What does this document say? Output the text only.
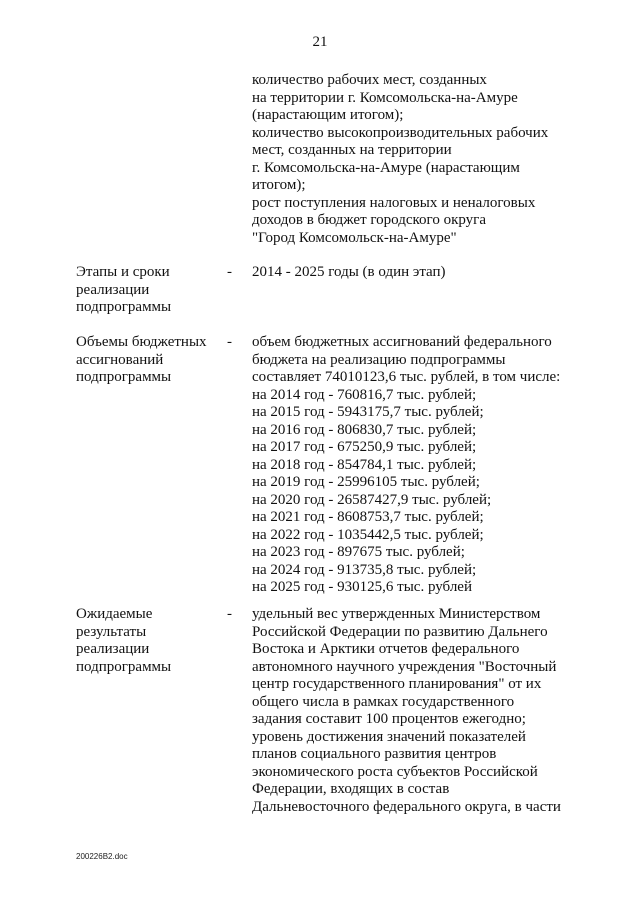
21
количество рабочих мест, созданных
на территории г. Комсомольска-на-Амуре
(нарастающим итогом);
количество высокопроизводительных рабочих
мест, созданных на территории
г. Комсомольска-на-Амуре (нарастающим
итогом);
рост поступления налоговых и неналоговых
доходов в бюджет городского округа
"Город Комсомольск-на-Амуре"
Этапы и сроки
реализации
подпрограммы
- 2014 - 2025 годы (в один этап)
Объемы бюджетных
ассигнований
подпрограммы
- объем бюджетных ассигнований федерального
бюджета на реализацию подпрограммы
составляет 74010123,6 тыс. рублей, в том числе:
на 2014 год - 760816,7 тыс. рублей;
на 2015 год - 5943175,7 тыс. рублей;
на 2016 год - 806830,7 тыс. рублей;
на 2017 год - 675250,9 тыс. рублей;
на 2018 год - 854784,1 тыс. рублей;
на 2019 год - 25996105 тыс. рублей;
на 2020 год - 26587427,9 тыс. рублей;
на 2021 год - 8608753,7 тыс. рублей;
на 2022 год - 1035442,5 тыс. рублей;
на 2023 год - 897675 тыс. рублей;
на 2024 год - 913735,8 тыс. рублей;
на 2025 год - 930125,6 тыс. рублей
Ожидаемые
результаты
реализации
подпрограммы
- удельный вес утвержденных Министерством
Российской Федерации по развитию Дальнего
Востока и Арктики отчетов федерального
автономного научного учреждения "Восточный
центр государственного планирования" от их
общего числа в рамках государственного
задания составит 100 процентов ежегодно;
уровень достижения значений показателей
планов социального развития центров
экономического роста субъектов Российской
Федерации, входящих в состав
Дальневосточного федерального округа, в части
200226B2.doc
